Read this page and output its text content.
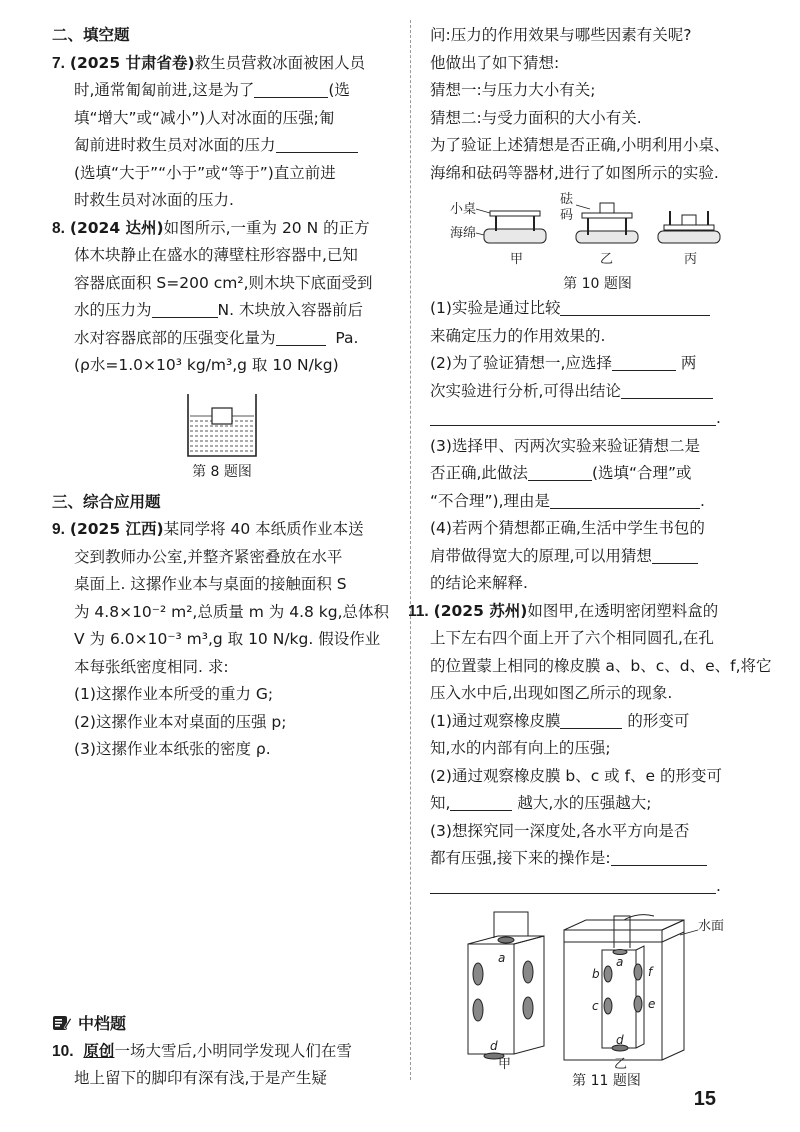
二、填空题
7. (2025 甘肃省卷)救生员营救冰面被困人员
时,通常匍匐前进,这是为了	(选
填“增大”或“减小”)人对冰面的压强;匍
匐前进时救生员对冰面的压力
(选填“大于”“小于”或“等于”)直立前进
时救生员对冰面的压力.
8. (2024 达州)如图所示,一重为 20 N 的正方
体木块静止在盛水的薄壁柱形容器中,已知
容器底面积 S=200 cm²,则木块下底面受到
水的压力为	N. 木块放入容器前后
水对容器底部的压强变化量为	Pa.
(ρ水=1.0×10³ kg/m³,g 取 10 N/kg)
第 8 题图
三、综合应用题
9. (2025 江西)某同学将 40 本纸质作业本送
交到教师办公室,并整齐紧密叠放在水平
桌面上. 这摞作业本与桌面的接触面积 S
为 4.8×10⁻² m²,总质量 m 为 4.8 kg,总体积
V 为 6.0×10⁻³ m³,g 取 10 N/kg. 假设作业
本每张纸密度相同. 求:
(1)这摞作业本所受的重力 G;
(2)这摞作业本对桌面的压强 p;
(3)这摞作业本纸张的密度 ρ.
中档题
10. 原创一场大雪后,小明同学发现人们在雪
地上留下的脚印有深有浅,于是产生疑
问:压力的作用效果与哪些因素有关呢?
他做出了如下猜想:
猜想一:与压力大小有关;
猜想二:与受力面积的大小有关.
为了验证上述猜想是否正确,小明利用小桌、
海绵和砝码等器材,进行了如图所示的实验.
小桌
海绵
甲
砝
码
乙	丙
第 10 题图
(1)实验是通过比较
来确定压力的作用效果的.
(2)为了验证猜想一,应选择	两
次实验进行分析,可得出结论
.
(3)选择甲、丙两次实验来验证猜想二是
否正确,此做法	(选填“合理”或
“不合理”),理由是	.
(4)若两个猜想都正确,生活中学生书包的
肩带做得宽大的原理,可以用猜想
的结论来解释.
11. (2025 苏州)如图甲,在透明密闭塑料盒的
上下左右四个面上开了六个相同圆孔,在孔
的位置蒙上相同的橡皮膜 a、b、c、d、e、f,将它
压入水中后,出现如图乙所示的现象.
(1)通过观察橡皮膜	的形变可
知,水的内部有向上的压强;
(2)通过观察橡皮膜 b、c 或 f、e 的形变可
知,	越大,水的压强越大;
(3)想探究同一深度处,各水平方向是否
都有压强,接下来的操作是:
.
a
d
甲
水面
a
b
c
d
e
f
乙
第 11 题图
15
